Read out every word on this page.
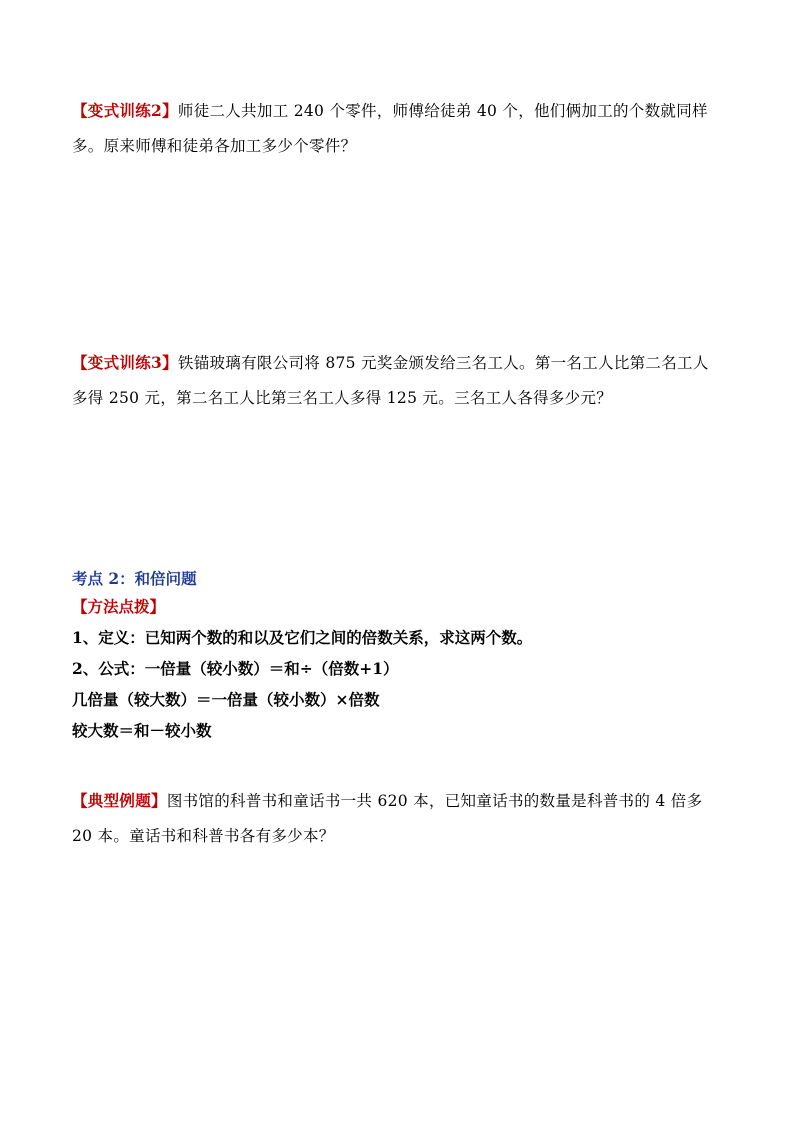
【变式训练2】师徒二人共加工 240 个零件，师傅给徒弟 40 个，他们俩加工的个数就同样多。原来师傅和徒弟各加工多少个零件？
【变式训练3】铁锚玻璃有限公司将 875 元奖金颁发给三名工人。第一名工人比第二名工人多得 250 元，第二名工人比第三名工人多得 125 元。三名工人各得多少元？
考点 2：和倍问题
【方法点拨】
1、定义：已知两个数的和以及它们之间的倍数关系，求这两个数。
2、公式：一倍量（较小数）＝和÷（倍数+1）
几倍量（较大数）＝一倍量（较小数）×倍数
较大数＝和－较小数
【典型例题】图书馆的科普书和童话书一共 620 本，已知童话书的数量是科普书的 4 倍多 20 本。童话书和科普书各有多少本？
